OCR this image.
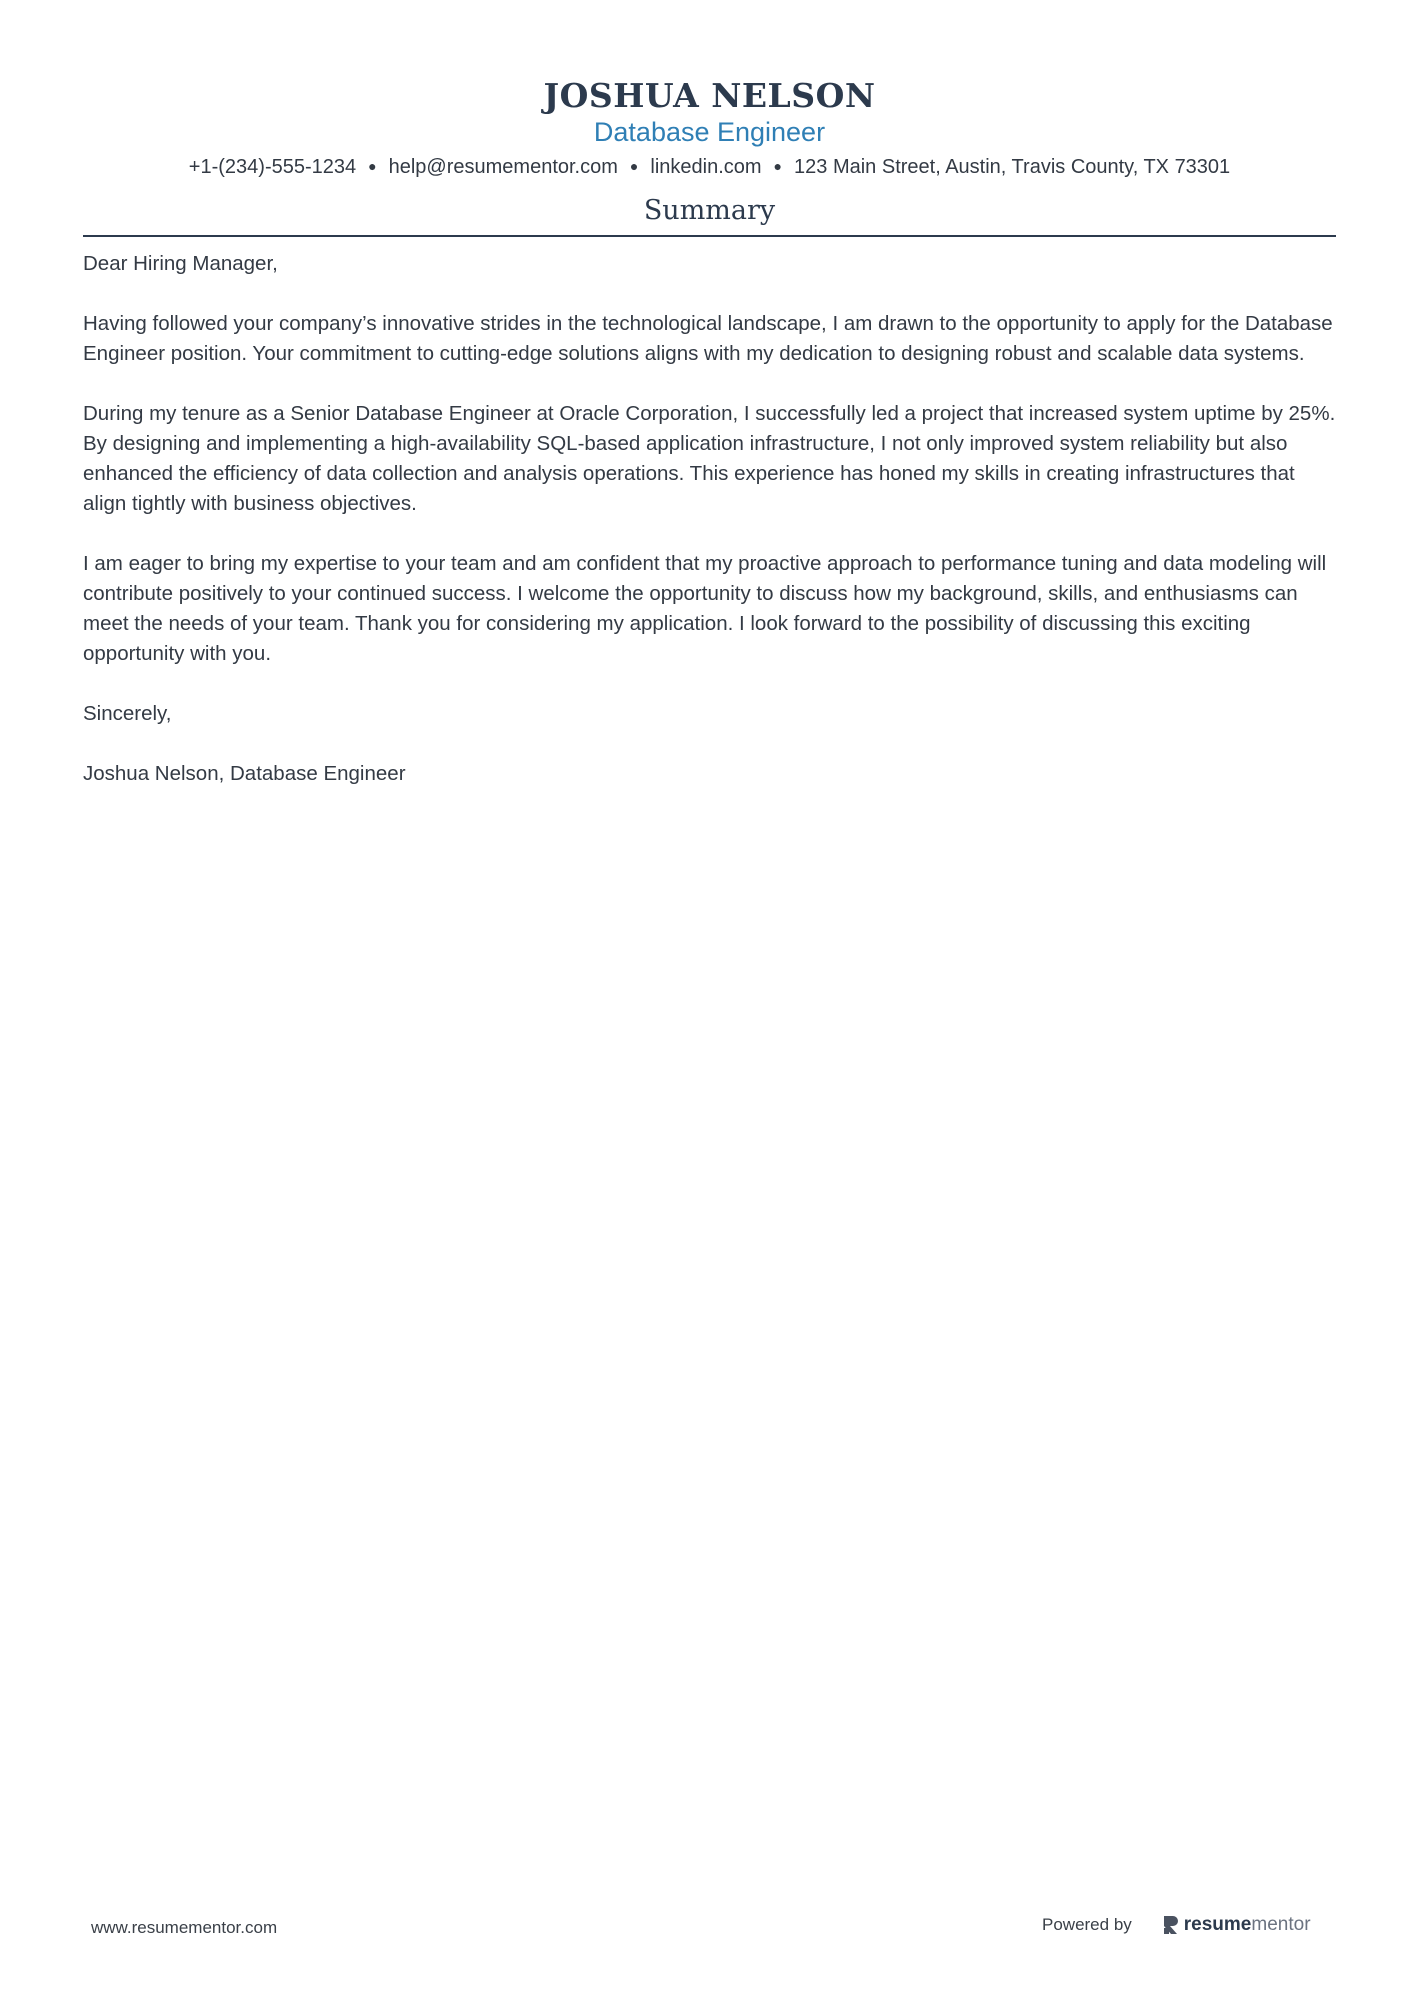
JOSHUA NELSON
Database Engineer
+1-(234)-555-1234 ● help@resumementor.com ● linkedin.com ● 123 Main Street, Austin, Travis County, TX 73301
Summary

Dear Hiring Manager,

Having followed your company’s innovative strides in the technological landscape, I am drawn to the opportunity to apply for the Database Engineer position. Your commitment to cutting-edge solutions aligns with my dedication to designing robust and scalable data systems.

During my tenure as a Senior Database Engineer at Oracle Corporation, I successfully led a project that increased system uptime by 25%. By designing and implementing a high-availability SQL-based application infrastructure, I not only improved system reliability but also enhanced the efficiency of data collection and analysis operations. This experience has honed my skills in creating infrastructures that align tightly with business objectives.

I am eager to bring my expertise to your team and am confident that my proactive approach to performance tuning and data modeling will contribute positively to your continued success. I welcome the opportunity to discuss how my background, skills, and enthusiasms can meet the needs of your team. Thank you for considering my application. I look forward to the possibility of discussing this exciting opportunity with you.

Sincerely,

Joshua Nelson, Database Engineer

www.resumementor.com	Powered by	resume mentor
